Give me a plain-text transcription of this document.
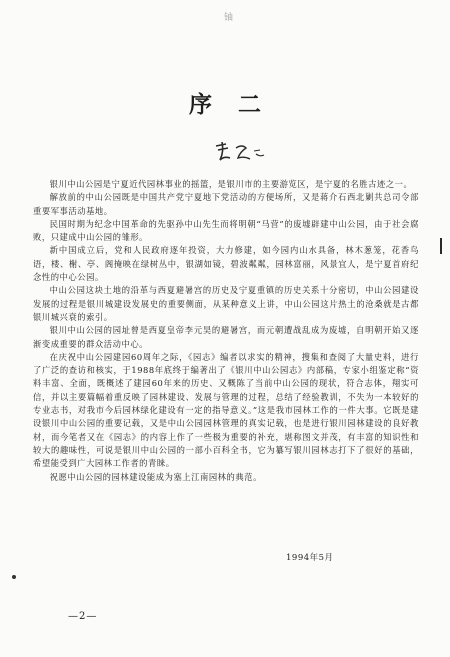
铀
序二

银川中山公园是宁夏近代园林事业的摇篮，是银川市的主要游览区，是宁夏的名胜古迹之一。

解放前的中山公园既是中国共产党宁夏地下党活动的方便场所，又是蒋介石西北剿共总司令部重要军事活动基地。

民国时期为纪念中国革命的先驱孙中山先生而将明朝“马营”的废墟辟建中山公园，由于社会腐败，只建成中山公园的雏形。

新中国成立后，党和人民政府逐年投资，大力修建，如今园内山水具备，林木葱笼，花香鸟语，楼、榭、亭、阁掩映在绿树丛中，银湖如镜，碧波粼粼，园林富丽，风景宜人，是宁夏首府纪念性的中心公园。

中山公园这块土地的沿革与西夏避暑宫的历史及宁夏重镇的历史关系十分密切，中山公园建设发展的过程是银川城建设发展史的重要侧面，从某种意义上讲，中山公园这片热土的沧桑就是古都银川城兴衰的索引。

银川中山公园的园址曾是西夏皇帝李元昊的避暑宫，而元朝遭战乱成为废墟，自明朝开始又逐渐变成重要的群众活动中心。

在庆祝中山公园建园60周年之际，《园志》编者以求实的精神，搜集和查阅了大量史料，进行了广泛的查访和核实，于1988年底终于编著出了《银川中山公园志》内部稿，专家小组鉴定称“资料丰富、全面，既概述了建园60年来的历史、又概陈了当前中山公园的现状，符合志体，翔实可信，并以主要篇幅着重反映了园林建设、发展与管理的过程，总结了经验教训，不失为一本较好的专业志书，对我市今后园林绿化建设有一定的指导意义。”这是我市园林工作的一件大事。它既是建设银川中山公园的重要记载，又是中山公园园林管理的真实记载，也是进行银川园林建设的良好教材，而今笔者又在《园志》的内容上作了一些极为重要的补充，堪称图文并茂，有丰富的知识性和较大的趣味性，可说是银川中山公园的一部小百科全书，它为纂写银川园林志打下了很好的基础，希望能受到广大园林工作者的青睐。

祝愿中山公园的园林建设能成为塞上江南园林的典范。

1994年5月
—2—
